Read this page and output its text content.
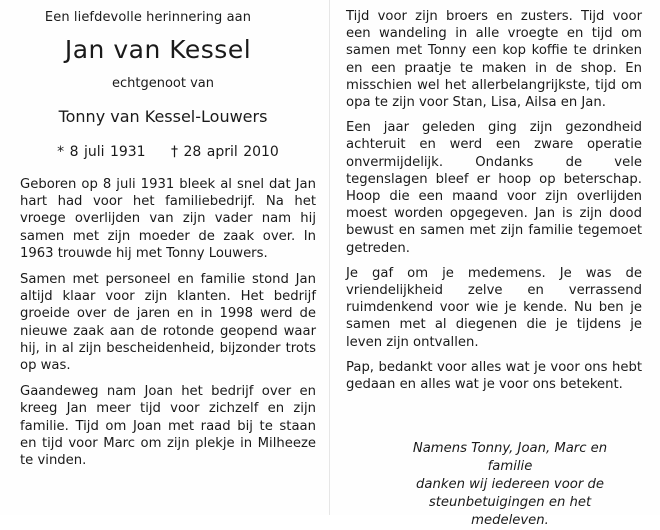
Een liefdevolle herinnering aan
Jan van Kessel
echtgenoot van
Tonny van Kessel-Louwers
* 8 juli 1931 † 28 april 2010

Geboren op 8 juli 1931 bleek al snel dat Jan hart had voor het familiebedrijf. Na het vroege overlijden van zijn vader nam hij samen met zijn moeder de zaak over. In 1963 trouwde hij met Tonny Louwers.

Samen met personeel en familie stond Jan altijd klaar voor zijn klanten. Het bedrijf groeide over de jaren en in 1998 werd de nieuwe zaak aan de rotonde geopend waar hij, in al zijn bescheidenheid, bijzonder trots op was.

Gaandeweg nam Joan het bedrijf over en kreeg Jan meer tijd voor zichzelf en zijn familie. Tijd om Joan met raad bij te staan en tijd voor Marc om zijn plekje in Milheeze te vinden.

Tijd voor zijn broers en zusters. Tijd voor een wandeling in alle vroegte en tijd om samen met Tonny een kop koffie te drinken en een praatje te maken in de shop. En misschien wel het allerbelangrijkste, tijd om opa te zijn voor Stan, Lisa, Ailsa en Jan.

Een jaar geleden ging zijn gezondheid achteruit en werd een zware operatie onvermijdelijk. Ondanks de vele tegenslagen bleef er hoop op beterschap. Hoop die een maand voor zijn overlijden moest worden opgegeven. Jan is zijn dood bewust en samen met zijn familie tegemoet getreden.

Je gaf om je medemens. Je was de vriendelijkheid zelve en verrassend ruimdenkend voor wie je kende. Nu ben je samen met al diegenen die je tijdens je leven zijn ontvallen.

Pap, bedankt voor alles wat je voor ons hebt gedaan en alles wat je voor ons betekent.

Namens Tonny, Joan, Marc en familie
danken wij iedereen voor de
steunbetuigingen en het medeleven.
